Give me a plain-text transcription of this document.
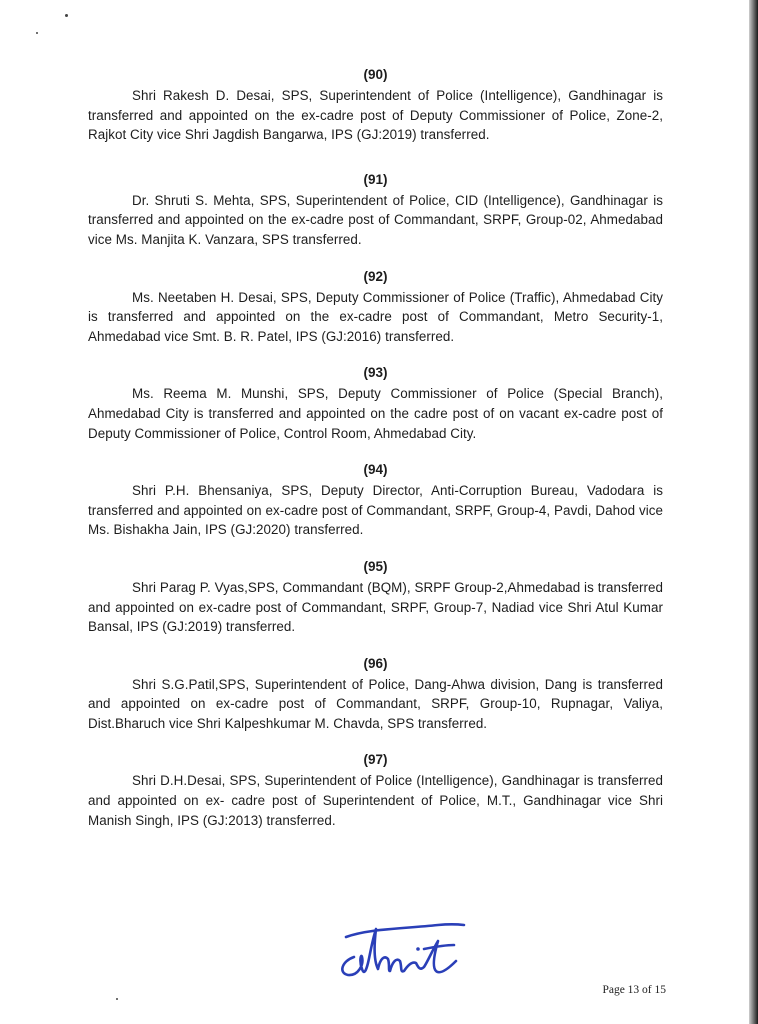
(90)

Shri Rakesh D. Desai, SPS, Superintendent of Police (Intelligence), Gandhinagar is transferred and appointed on the ex-cadre post of Deputy Commissioner of Police, Zone-2, Rajkot City vice Shri Jagdish Bangarwa, IPS (GJ:2019) transferred.

(91)

Dr. Shruti S. Mehta, SPS, Superintendent of Police, CID (Intelligence), Gandhinagar is transferred and appointed on the ex-cadre post of Commandant, SRPF, Group-02, Ahmedabad vice Ms. Manjita K. Vanzara, SPS transferred.

(92)

Ms. Neetaben H. Desai, SPS, Deputy Commissioner of Police (Traffic), Ahmedabad City is transferred and appointed on the ex-cadre post of Commandant, Metro Security-1, Ahmedabad vice Smt. B. R. Patel, IPS (GJ:2016) transferred.

(93)

Ms. Reema M. Munshi, SPS, Deputy Commissioner of Police (Special Branch), Ahmedabad City is transferred and appointed on the cadre post of on vacant ex-cadre post of Deputy Commissioner of Police, Control Room, Ahmedabad City.

(94)

Shri P.H. Bhensaniya, SPS, Deputy Director, Anti-Corruption Bureau, Vadodara is transferred and appointed on ex-cadre post of Commandant, SRPF, Group-4, Pavdi, Dahod vice Ms. Bishakha Jain, IPS (GJ:2020) transferred.

(95)

Shri Parag P. Vyas,SPS, Commandant (BQM), SRPF Group-2,Ahmedabad is transferred and appointed on ex-cadre post of Commandant, SRPF, Group-7, Nadiad vice Shri Atul Kumar Bansal, IPS (GJ:2019) transferred.

(96)

Shri S.G.Patil,SPS, Superintendent of Police, Dang-Ahwa division, Dang is transferred and appointed on ex-cadre post of Commandant, SRPF, Group-10, Rupnagar, Valiya, Dist.Bharuch vice Shri Kalpeshkumar M. Chavda, SPS transferred.

(97)

Shri D.H.Desai, SPS, Superintendent of Police (Intelligence), Gandhinagar is transferred and appointed on ex- cadre post of Superintendent of Police, M.T., Gandhinagar vice Shri Manish Singh, IPS (GJ:2013) transferred.

Page 13 of 15
